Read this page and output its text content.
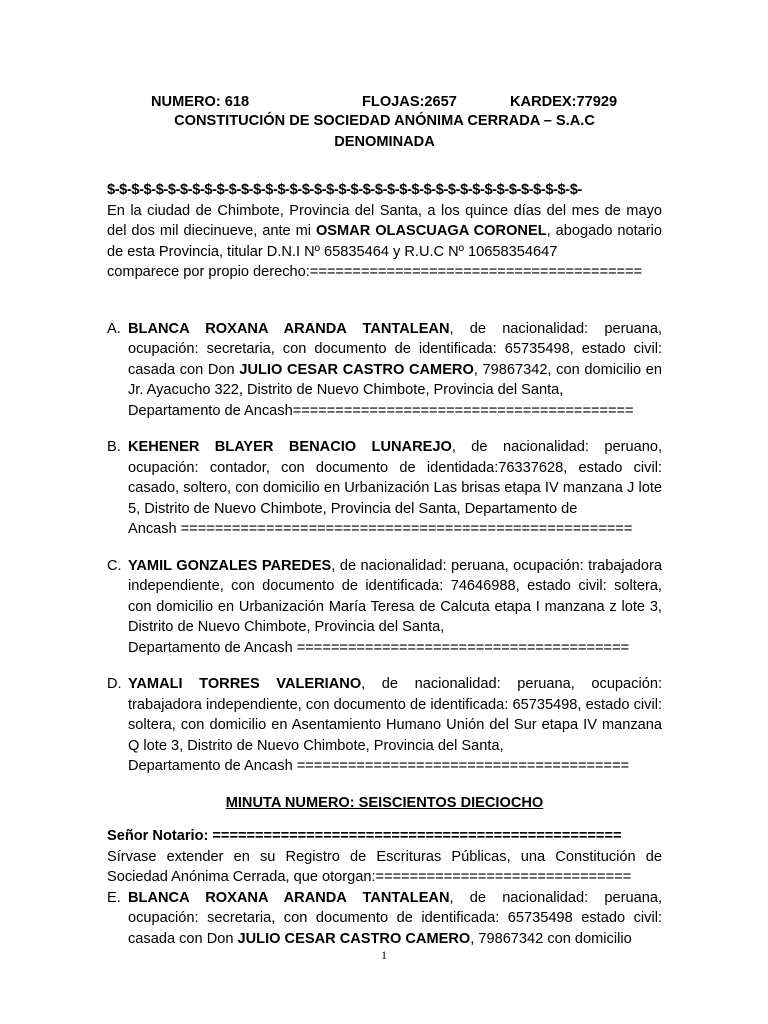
NUMERO: 618	FLOJAS:2657	KARDEX:77929
CONSTITUCIÓN DE SOCIEDAD ANÓNIMA CERRADA – S.A.C
DENOMINADA
$-$-$-$-$-$-$-$-$-$-$-$-$-$-$-$-$-$-$-$-$-$-$-$-$-$-$-$-$-$-$-$-$-$-$-$-$-$-$-
En la ciudad de Chimbote, Provincia del Santa, a los quince días del mes de mayo del dos mil diecinueve, ante mi OSMAR OLASCUAGA CORONEL, abogado notario de esta Provincia, titular D.N.I Nº 65835464 y R.U.C Nº 10658354647
comparece por propio derecho:=======================================
A. BLANCA ROXANA ARANDA TANTALEAN, de nacionalidad: peruana, ocupación: secretaria, con documento de identificada: 65735498, estado civil: casada con Don JULIO CESAR CASTRO CAMERO, 79867342, con domicilio en Jr. Ayacucho 322, Distrito de Nuevo Chimbote, Provincia del Santa,
Departamento de Ancash========================================
B. KEHENER BLAYER BENACIO LUNAREJO, de nacionalidad: peruano, ocupación: contador, con documento de identidada:76337628, estado civil: casado, soltero, con domicilio en Urbanización Las brisas etapa IV manzana J lote 5, Distrito de Nuevo Chimbote, Provincia del Santa, Departamento de
Ancash =====================================================
C. YAMIL GONZALES PAREDES, de nacionalidad: peruana, ocupación: trabajadora independiente, con documento de identificada: 74646988, estado civil: soltera, con domicilio en Urbanización María Teresa de Calcuta etapa I manzana z lote 3, Distrito de Nuevo Chimbote, Provincia del Santa,
Departamento de Ancash =======================================
D. YAMALI TORRES VALERIANO, de nacionalidad: peruana, ocupación: trabajadora independiente, con documento de identificada: 65735498, estado civil: soltera, con domicilio en Asentamiento Humano Unión del Sur etapa IV manzana Q lote 3, Distrito de Nuevo Chimbote, Provincia del Santa,
Departamento de Ancash =======================================
MINUTA NUMERO: SEISCIENTOS DIECIOCHO
Señor Notario: ================================================
Sírvase extender en su Registro de Escrituras Públicas, una Constitución de
Sociedad Anónima Cerrada, que otorgan:==============================
E. BLANCA ROXANA ARANDA TANTALEAN, de nacionalidad: peruana, ocupación: secretaria, con documento de identificada: 65735498 estado civil: casada con Don JULIO CESAR CASTRO CAMERO, 79867342 con domicilio
1
